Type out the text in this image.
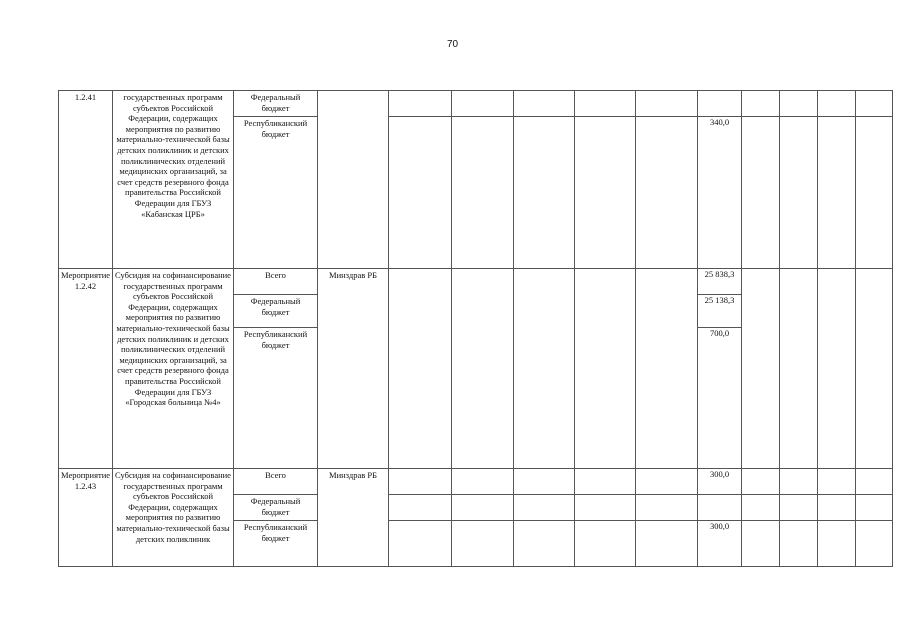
70
1.2.41	государственных программ субъектов Российской Федерации, содержащих мероприятия по развитию материально-технической базы детских поликлиник и детских поликлинических отделений медицинских организаций, за счет средств резервного фонда правительства Российской Федерации для ГБУЗ «Кабанская ЦРБ»	Федеральный бюджет											
		Республиканский бюджет							340,0				
Мероприятие 1.2.42	Субсидия на софинансирование государственных программ субъектов Российской Федерации, содержащих мероприятия по развитию материально-технической базы детских поликлиник и детских поликлинических отделений медицинских организаций, за счет средств резервного фонда правительства Российской Федерации для ГБУЗ «Городская больница №4»	Всего	Минздрав РБ						25 838,3				
		Федеральный бюджет							25 138,3				
		Республиканский бюджет							700,0				
Мероприятие 1.2.43	Субсидия на софинансирование государственных программ субъектов Российской Федерации, содержащих мероприятия по развитию материально-технической базы детских поликлиник	Всего	Минздрав РБ						300,0				
		Федеральный бюджет											
		Республиканский бюджет							300,0				
